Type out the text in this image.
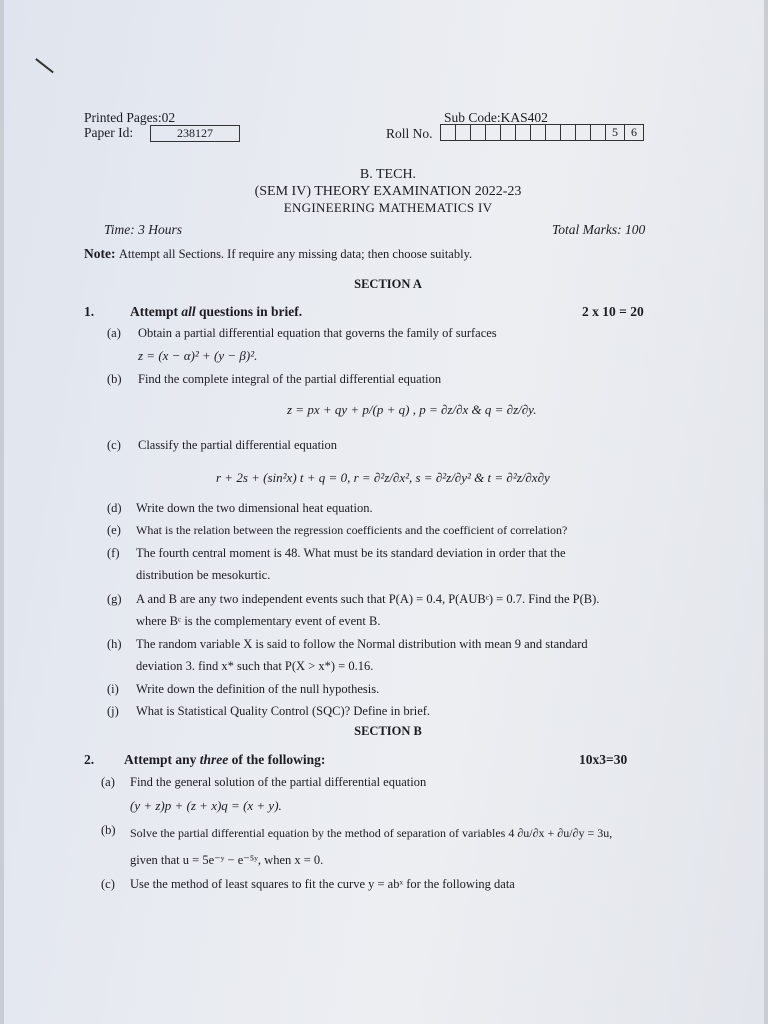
Printed Pages:02
Paper Id:	238127
Sub Code:KAS402
Roll No.	5	6
B. TECH.
(SEM IV) THEORY EXAMINATION 2022-23
ENGINEERING MATHEMATICS IV
Time: 3 Hours	Total Marks: 100
Note: Attempt all Sections. If require any missing data; then choose suitably.
SECTION A
1.	Attempt all questions in brief.	2 x 10 = 20
(a) Obtain a partial differential equation that governs the family of surfaces
z = (x − α)² + (y − β)².
(b) Find the complete integral of the partial differential equation
z = px + qy + p/(p + q) , p = ∂z/∂x & q = ∂z/∂y.
(c) Classify the partial differential equation
r + 2s + (sin²x) t + q = 0, r = ∂²z/∂x², s = ∂²z/∂y² & t = ∂²z/∂x∂y
(d) Write down the two dimensional heat equation.
(e) What is the relation between the regression coefficients and the coefficient of correlation?
(f) The fourth central moment is 48. What must be its standard deviation in order that the
distribution be mesokurtic.
(g) A and B are any two independent events such that P(A) = 0.4, P(AUBᶜ) = 0.7. Find the P(B).
where Bᶜ is the complementary event of event B.
(h) The random variable X is said to follow the Normal distribution with mean 9 and standard
deviation 3. find x* such that P(X > x*) = 0.16.
(i) Write down the definition of the null hypothesis.
(j) What is Statistical Quality Control (SQC)? Define in brief.
SECTION B
2. Attempt any three of the following:	10x3=30
(a) Find the general solution of the partial differential equation
(y + z)p + (z + x)q = (x + y).
(b) Solve the partial differential equation by the method of separation of variables 4 ∂u/∂x + ∂u/∂y = 3u,
given that u = 5e⁻ʸ − e⁻⁵ʸ, when x = 0.
(c) Use the method of least squares to fit the curve y = abˣ for the following data
